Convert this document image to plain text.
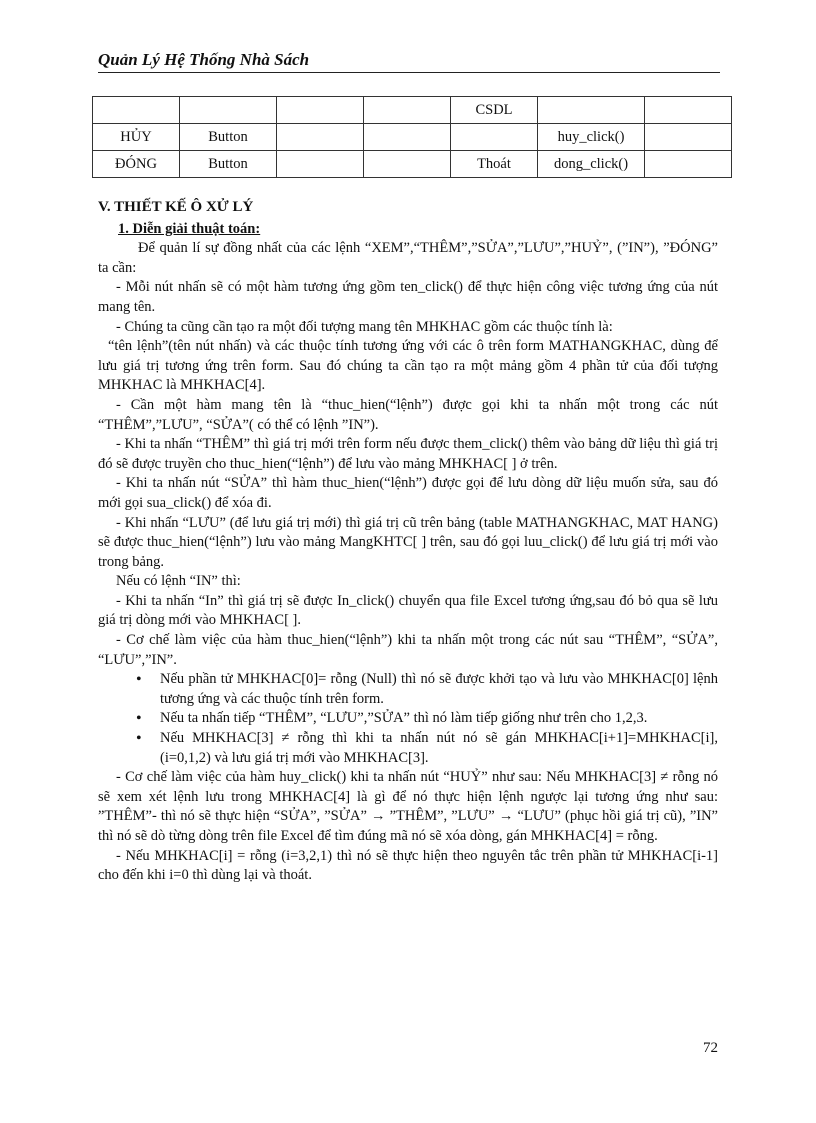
Quản Lý Hệ Thống Nhà Sách
				CSDL		
HỦY	Button				huy_click()	
ĐÓNG	Button			Thoát	dong_click()	
V. THIẾT KẾ Ô XỬ LÝ
1. Diễn giải thuật toán:

Để quản lí sự đồng nhất của các lệnh “XEM”,“THÊM”,”SỬA”,”LƯU”,”HUỶ”, (”IN”), ”ĐÓNG” ta cần:

- Mỗi nút nhấn sẽ có một hàm tương ứng gồm ten_click() để thực hiện công việc tương ứng của nút mang tên.

- Chúng ta cũng cần tạo ra một đối tượng mang tên MHKHAC gồm các thuộc tính là:

“tên lệnh”(tên nút nhấn) và các thuộc tính tương ứng với các ô trên form MATHANGKHAC, dùng để lưu giá trị tương ứng trên form. Sau đó chúng ta cần tạo ra một mảng gồm 4 phần tử của đối tượng MHKHAC là MHKHAC[4].

- Cần một hàm mang tên là “thuc_hien(“lệnh”) được gọi khi ta nhấn một trong các nút “THÊM”,”LƯU”, “SỬA”( có thể có lệnh ”IN”).

- Khi ta nhấn “THÊM” thì giá trị mới trên form nếu được them_click() thêm vào bảng dữ liệu thì giá trị đó sẽ được truyền cho thuc_hien(“lệnh”) để lưu vào mảng MHKHAC[ ] ở trên.

- Khi ta nhấn nút “SỬA” thì hàm thuc_hien(“lệnh”) được gọi để lưu dòng dữ liệu muốn sửa, sau đó mới gọi sua_click() để xóa đi.

- Khi nhấn “LƯU” (để lưu giá trị mới) thì giá trị cũ trên bảng (table MATHANGKHAC, MAT HANG) sẽ được thuc_hien(“lệnh”) lưu vào mảng MangKHTC[ ] trên, sau đó gọi luu_click() để lưu giá trị mới vào trong bảng.

Nếu có lệnh “IN” thì:

- Khi ta nhấn “In” thì giá trị sẽ được In_click() chuyển qua file Excel tương ứng,sau đó bỏ qua sẽ lưu giá trị dòng mới vào MHKHAC[ ].

- Cơ chế làm việc của hàm thuc_hien(“lệnh”) khi ta nhấn một trong các nút sau “THÊM”, “SỬA”, “LƯU”,”IN”.

• Nếu phần tử MHKHAC[0]= rỗng (Null) thì nó sẽ được khởi tạo và lưu vào MHKHAC[0] lệnh tương ứng và các thuộc tính trên form.
• Nếu ta nhấn tiếp “THÊM”, “LƯU”,”SỬA” thì nó làm tiếp giống như trên cho 1,2,3.
• Nếu MHKHAC[3] ≠ rỗng thì khi ta nhấn nút nó sẽ gán MHKHAC[i+1]=MHKHAC[i], (i=0,1,2) và lưu giá trị mới vào MHKHAC[3].

- Cơ chế làm việc của hàm huy_click() khi ta nhấn nút “HUỶ” như sau: Nếu MHKHAC[3] ≠ rỗng nó sẽ xem xét lệnh lưu trong MHKHAC[4] là gì để nó thực hiện lệnh ngược lại tương ứng như sau: ”THÊM”- thì nó sẽ thực hiện “SỬA”, ”SỬA” → ”THÊM”, ”LƯU” → “LƯU” (phục hồi giá trị cũ), ”IN” thì nó sẽ dò từng dòng trên file Excel để tìm đúng mã nó sẽ xóa dòng, gán MHKHAC[4] = rỗng.

- Nếu MHKHAC[i] = rỗng (i=3,2,1) thì nó sẽ thực hiện theo nguyên tắc trên phần tử MHKHAC[i-1] cho đến khi i=0 thì dùng lại và thoát.

72
